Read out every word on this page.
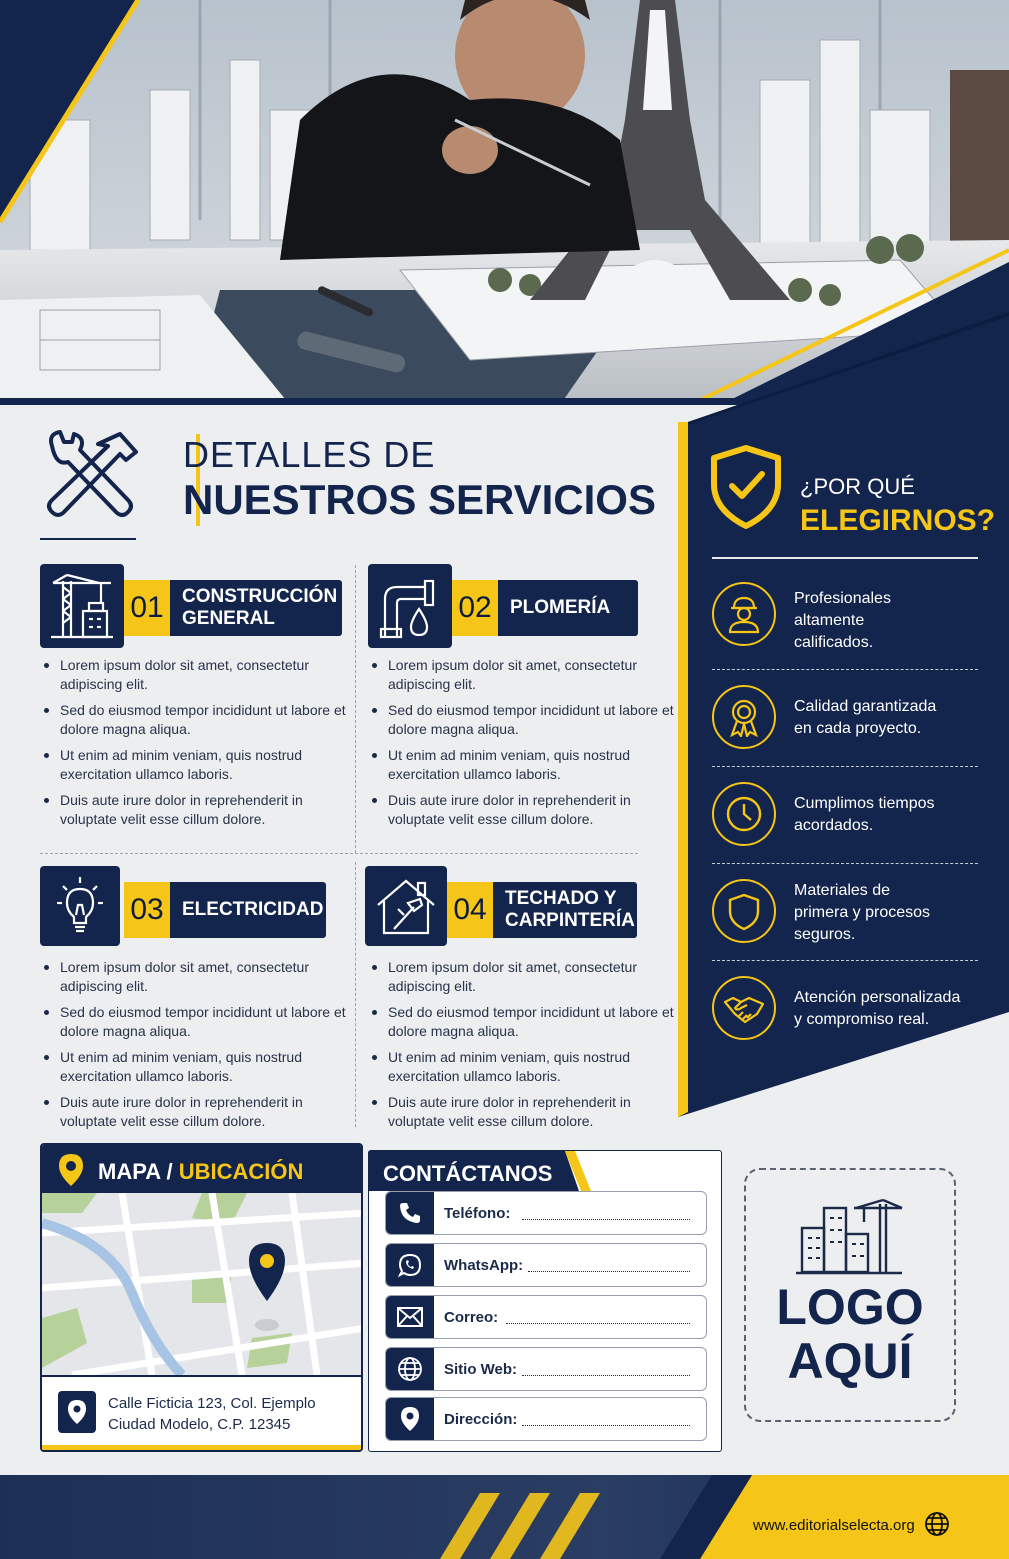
DETALLES DE
NUESTROS SERVICIOS
01 CONSTRUCCIÓN
GENERAL
Lorem ipsum dolor sit amet, consectetur adipiscing elit.
Sed do eiusmod tempor incididunt ut labore et dolore magna aliqua.
Ut enim ad minim veniam, quis nostrud exercitation ullamco laboris.
Duis aute irure dolor in reprehenderit in voluptate velit esse cillum dolore.
02 PLOMERÍA
Lorem ipsum dolor sit amet, consectetur adipiscing elit.
Sed do eiusmod tempor incididunt ut labore et dolore magna aliqua.
Ut enim ad minim veniam, quis nostrud exercitation ullamco laboris.
Duis aute irure dolor in reprehenderit in voluptate velit esse cillum dolore.
03 ELECTRICIDAD
Lorem ipsum dolor sit amet, consectetur adipiscing elit.
Sed do eiusmod tempor incididunt ut labore et dolore magna aliqua.
Ut enim ad minim veniam, quis nostrud exercitation ullamco laboris.
Duis aute irure dolor in reprehenderit in voluptate velit esse cillum dolore.
04 TECHADO Y
CARPINTERÍA
Lorem ipsum dolor sit amet, consectetur adipiscing elit.
Sed do eiusmod tempor incididunt ut labore et dolore magna aliqua.
Ut enim ad minim veniam, quis nostrud exercitation ullamco laboris.
Duis aute irure dolor in reprehenderit in voluptate velit esse cillum dolore.
¿POR QUÉ
ELEGIRNOS?
Profesionales
altamente
calificados.
Calidad garantizada
en cada proyecto.
Cumplimos tiempos
acordados.
Materiales de
primera y procesos
seguros.
Atención personalizada
y compromiso real.
MAPA / UBICACIÓN
Calle Ficticia 123, Col. Ejemplo
Ciudad Modelo, C.P. 12345
CONTÁCTANOS
Teléfono:
WhatsApp:
Correo:
Sitio Web:
Dirección:
LOGO
AQUÍ
www.editorialselecta.org
